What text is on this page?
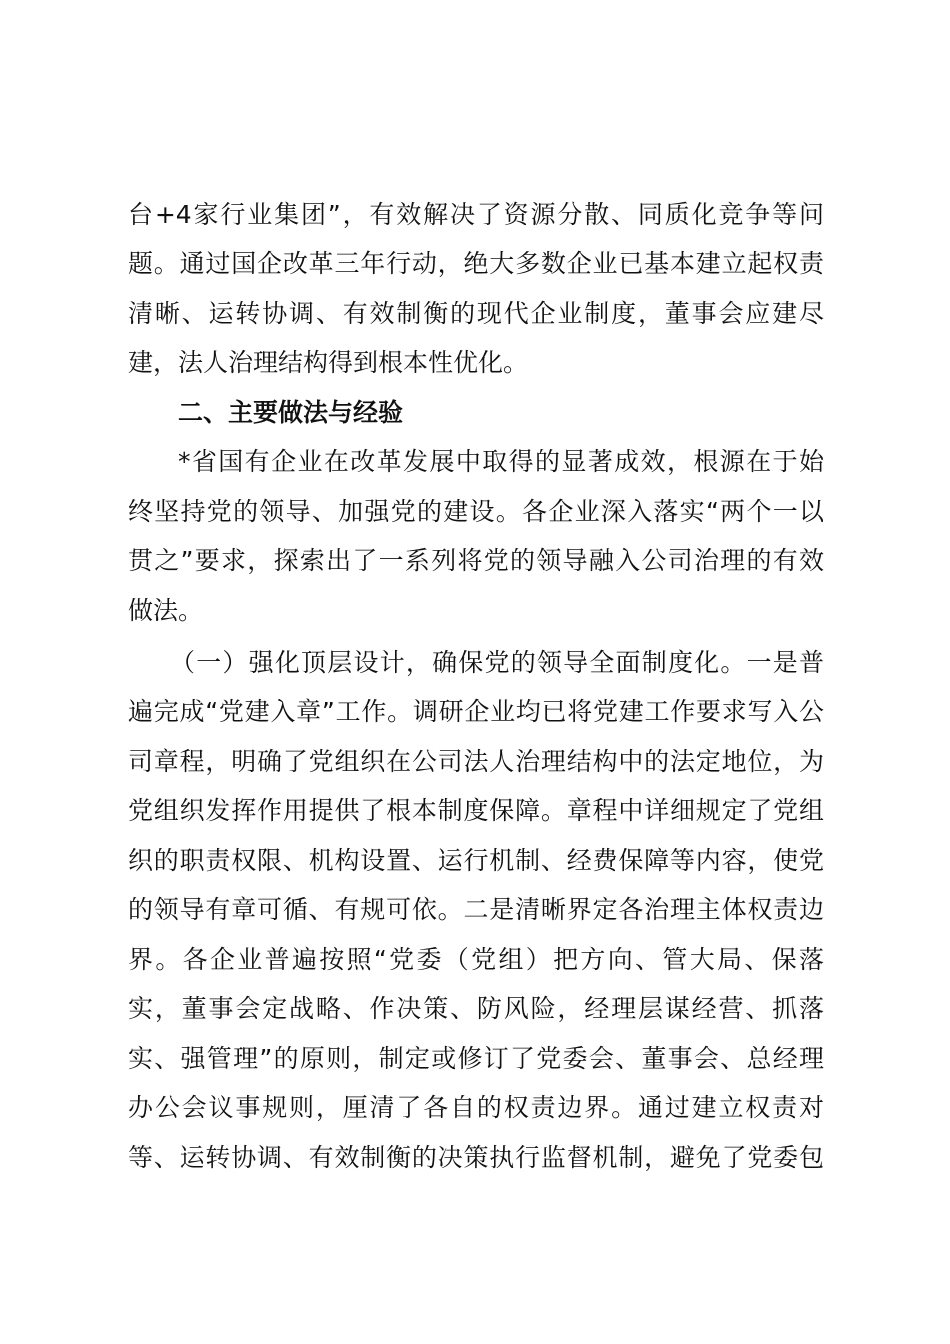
台+4家行业集团”，有效解决了资源分散、同质化竞争等问
题。通过国企改革三年行动，绝大多数企业已基本建立起权责
清晰、运转协调、有效制衡的现代企业制度，董事会应建尽
建，法人治理结构得到根本性优化。
二、主要做法与经验
*省国有企业在改革发展中取得的显著成效，根源在于始
终坚持党的领导、加强党的建设。各企业深入落实“两个一以
贯之”要求，探索出了一系列将党的领导融入公司治理的有效
做法。
（一）强化顶层设计，确保党的领导全面制度化。一是普
遍完成“党建入章”工作。调研企业均已将党建工作要求写入公
司章程，明确了党组织在公司法人治理结构中的法定地位，为
党组织发挥作用提供了根本制度保障。章程中详细规定了党组
织的职责权限、机构设置、运行机制、经费保障等内容，使党
的领导有章可循、有规可依。二是清晰界定各治理主体权责边
界。各企业普遍按照“党委（党组）把方向、管大局、保落
实，董事会定战略、作决策、防风险，经理层谋经营、抓落
实、强管理”的原则，制定或修订了党委会、董事会、总经理
办公会议事规则，厘清了各自的权责边界。通过建立权责对
等、运转协调、有效制衡的决策执行监督机制，避免了党委包
